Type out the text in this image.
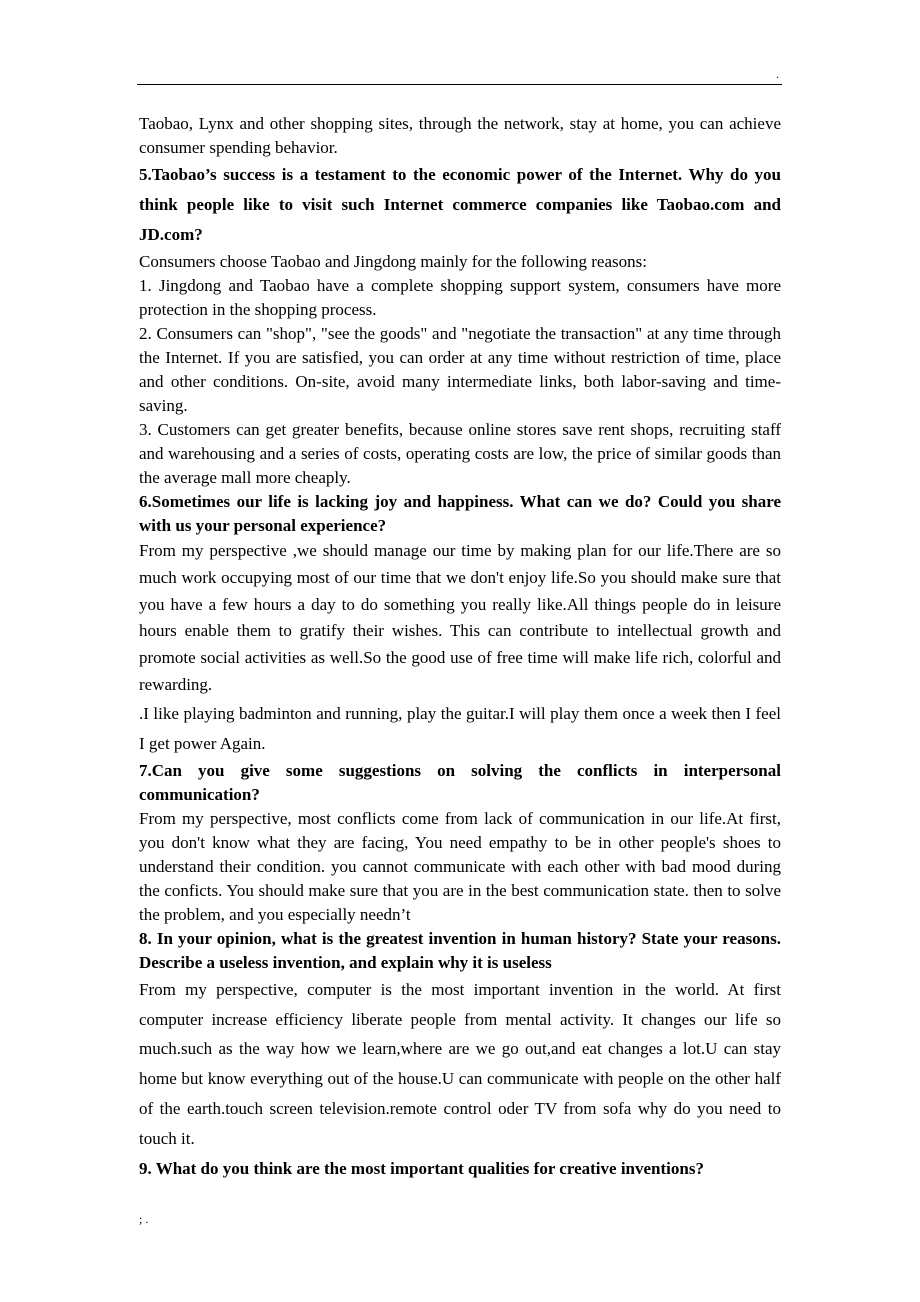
.

Taobao, Lynx and other shopping sites, through the network, stay at home, you can achieve consumer spending behavior.

5.Taobao’s success is a testament to the economic power of the Internet. Why do you think people like to visit such Internet commerce companies like Taobao.com and JD.com?

Consumers choose Taobao and Jingdong mainly for the following reasons:

1. Jingdong and Taobao have a complete shopping support system, consumers have more protection in the shopping process.

2. Consumers can "shop", "see the goods" and "negotiate the transaction" at any time through the Internet. If you are satisfied, you can order at any time without restriction of time, place and other conditions. On-site, avoid many intermediate links, both labor-saving and time-saving.

3. Customers can get greater benefits, because online stores save rent shops, recruiting staff and warehousing and a series of costs, operating costs are low, the price of similar goods than the average mall more cheaply.

6.Sometimes our life is lacking joy and happiness. What can we do? Could you share with us your personal experience?

From my perspective ,we should manage our time by making plan for our life.There are so much work occupying most of our time that we don't enjoy life.So you should make sure that you have a few hours a day to do something you really like.All things people do in leisure hours enable them to gratify their wishes. This can contribute to intellectual growth and promote social activities as well.So the good use of free time will make life rich, colorful and rewarding.

.I like playing badminton and running, play the guitar.I will play them once a week then I feel I get power Again.

7.Can you give some suggestions on solving the conflicts in interpersonal communication?

From my perspective, most conflicts come from lack of communication in our life.At first, you don't know what they are facing, You need empathy to be in other people's shoes to understand their condition. you cannot communicate with each other with bad mood during the conficts. You should make sure that you are in the best communication state. then to solve the problem, and you especially needn’t

8. In your opinion, what is the greatest invention in human history? State your reasons. Describe a useless invention, and explain why it is useless

From my perspective, computer is the most important invention in the world. At first computer increase efficiency liberate people from mental activity. It changes our life so much.such as the way how we learn,where are we go out,and eat changes a lot.U can stay home but know everything out of the house.U can communicate with people on the other half of the earth.touch screen television.remote control oder TV from sofa why do you need to touch it.

9. What do you think are the most important qualities for creative inventions?

; .
